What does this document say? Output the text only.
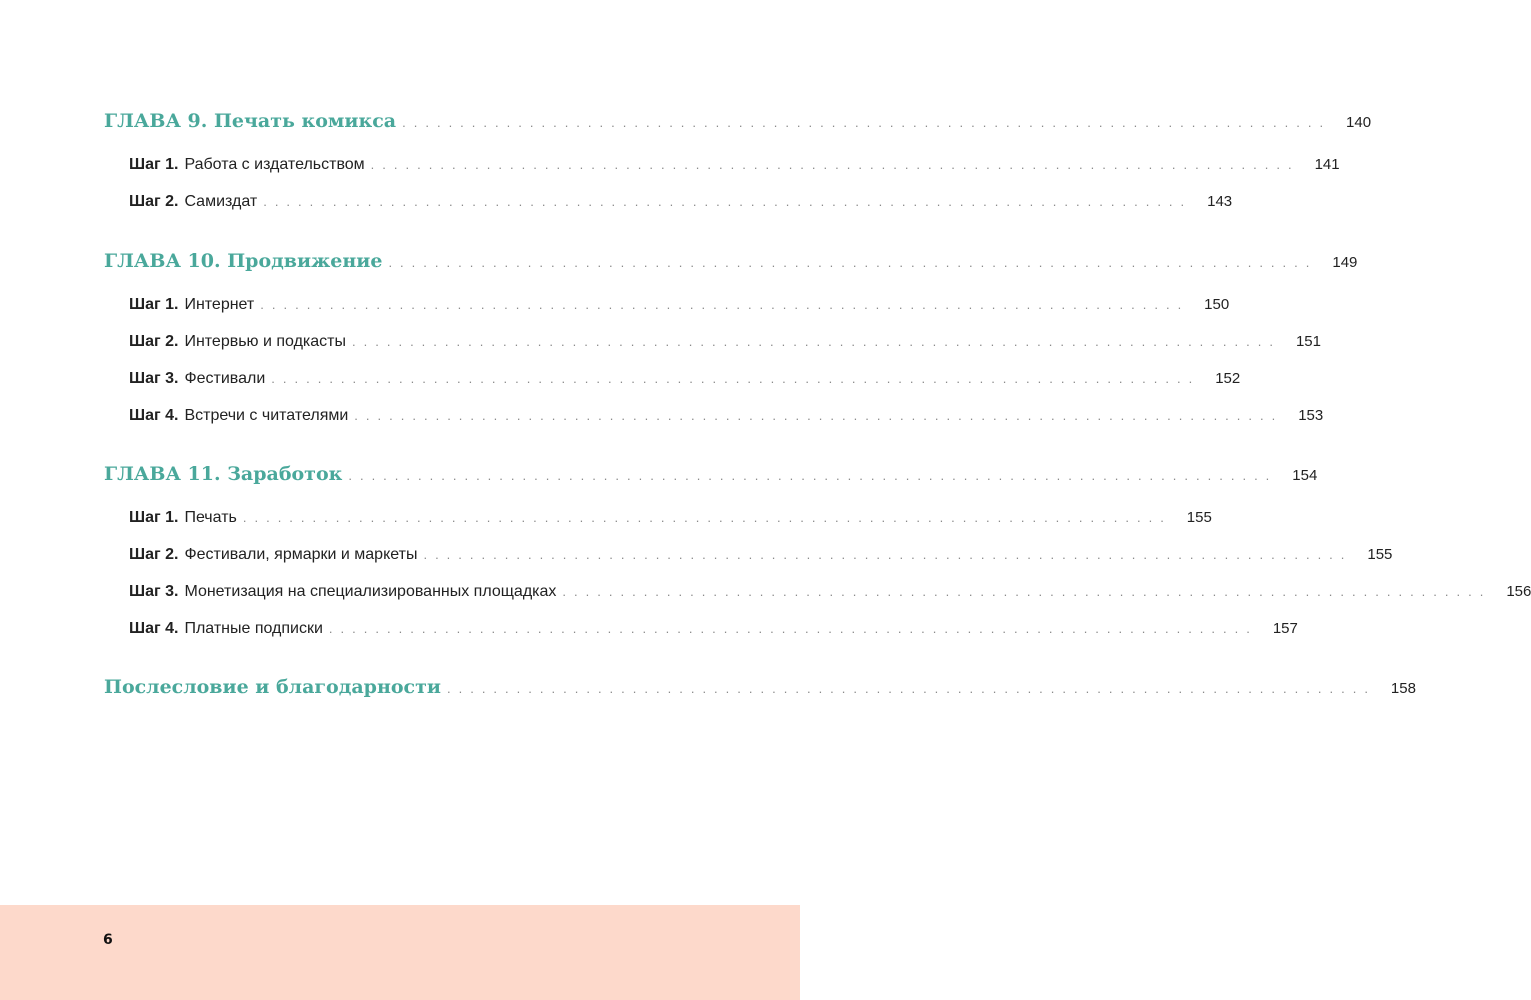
ГЛАВА 9. Печать комикса ................................................................................ 140
Шаг 1. Работа с издательством ................................................................................ 141
Шаг 2. Самиздат ................................................................................ 143
ГЛАВА 10. Продвижение ................................................................................ 149
Шаг 1. Интернет ................................................................................ 150
Шаг 2. Интервью и подкасты ................................................................................ 151
Шаг 3. Фестивали ................................................................................ 152
Шаг 4. Встречи с читателями ................................................................................ 153
ГЛАВА 11. Заработок ................................................................................ 154
Шаг 1. Печать ................................................................................ 155
Шаг 2. Фестивали, ярмарки и маркеты ................................................................................ 155
Шаг 3. Монетизация на специализированных площадках ................................................................................ 156
Шаг 4. Платные подписки ................................................................................ 157
Послесловие и благодарности ................................................................................ 158
6
